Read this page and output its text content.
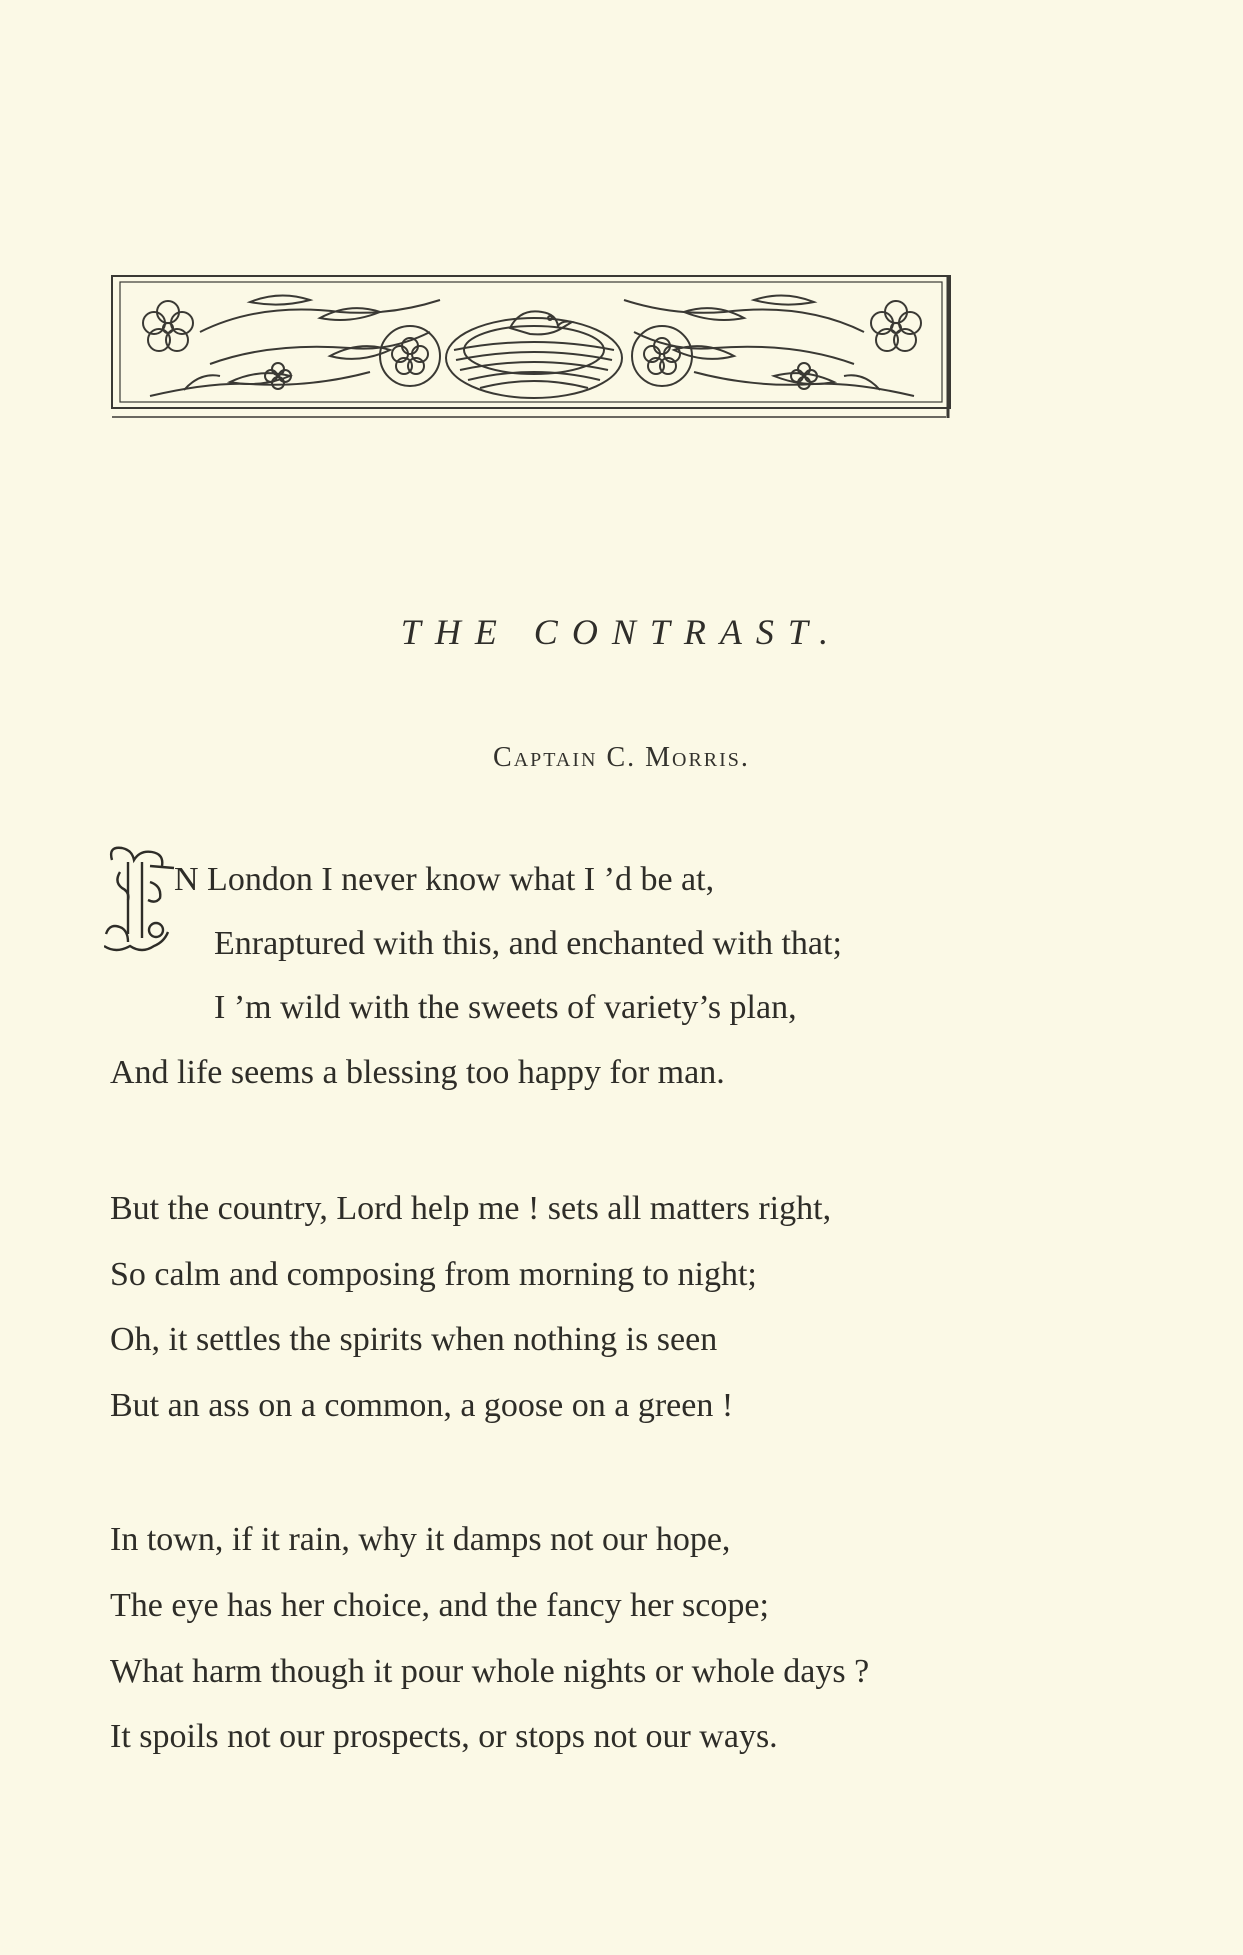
THE CONTRAST.
Captain C. Morris.
N London I never know what I ’d be at,
Enraptured with this, and enchanted with that;
I ’m wild with the sweets of variety’s plan,
And life seems a blessing too happy for man.
But the country, Lord help me ! sets all matters right,
So calm and composing from morning to night;
Oh, it settles the spirits when nothing is seen
But an ass on a common, a goose on a green !
In town, if it rain, why it damps not our hope,
The eye has her choice, and the fancy her scope;
What harm though it pour whole nights or whole days ?
It spoils not our prospects, or stops not our ways.
